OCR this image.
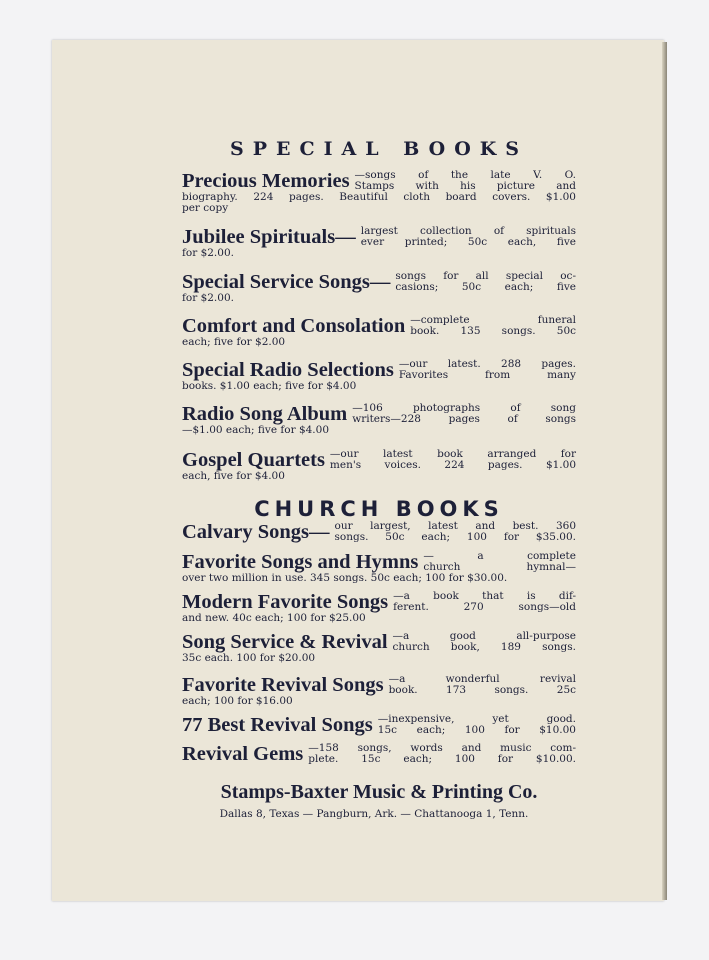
SPECIAL BOOKS
Precious Memories —songs of the late V. O.
Stamps with his picture and
biography. 224 pages. Beautiful cloth board covers. $1.00
per copy
Jubilee Spirituals— largest collection of spirituals
ever printed; 50c each, five
for $2.00.
Special Service Songs— songs for all special oc-
casions; 50c each; five
for $2.00.
Comfort and Consolation —complete funeral
book. 135 songs. 50c
each; five for $2.00
Special Radio Selections —our latest. 288 pages.
Favorites from many
books. $1.00 each; five for $4.00
Radio Song Album —106 photographs of song
writers—228 pages of songs
—$1.00 each; five for $4.00
Gospel Quartets —our latest book arranged for
men's voices. 224 pages. $1.00
each, five for $4.00
CHURCH BOOKS
Calvary Songs— our largest, latest and best. 360
songs. 50c each; 100 for $35.00.
Favorite Songs and Hymns — a complete
church hymnal—
over two million in use. 345 songs. 50c each; 100 for $30.00.
Modern Favorite Songs —a book that is dif-
ferent. 270 songs—old
and new. 40c each; 100 for $25.00
Song Service & Revival —a good all-purpose
church book, 189 songs.
35c each. 100 for $20.00
Favorite Revival Songs —a wonderful revival
book. 173 songs. 25c
each; 100 for $16.00
77 Best Revival Songs —inexpensive, yet good.
15c each; 100 for $10.00
Revival Gems —158 songs, words and music com-
plete. 15c each; 100 for $10.00.
Stamps-Baxter Music & Printing Co.
Dallas 8, Texas — Pangburn, Ark. — Chattanooga 1, Tenn.
